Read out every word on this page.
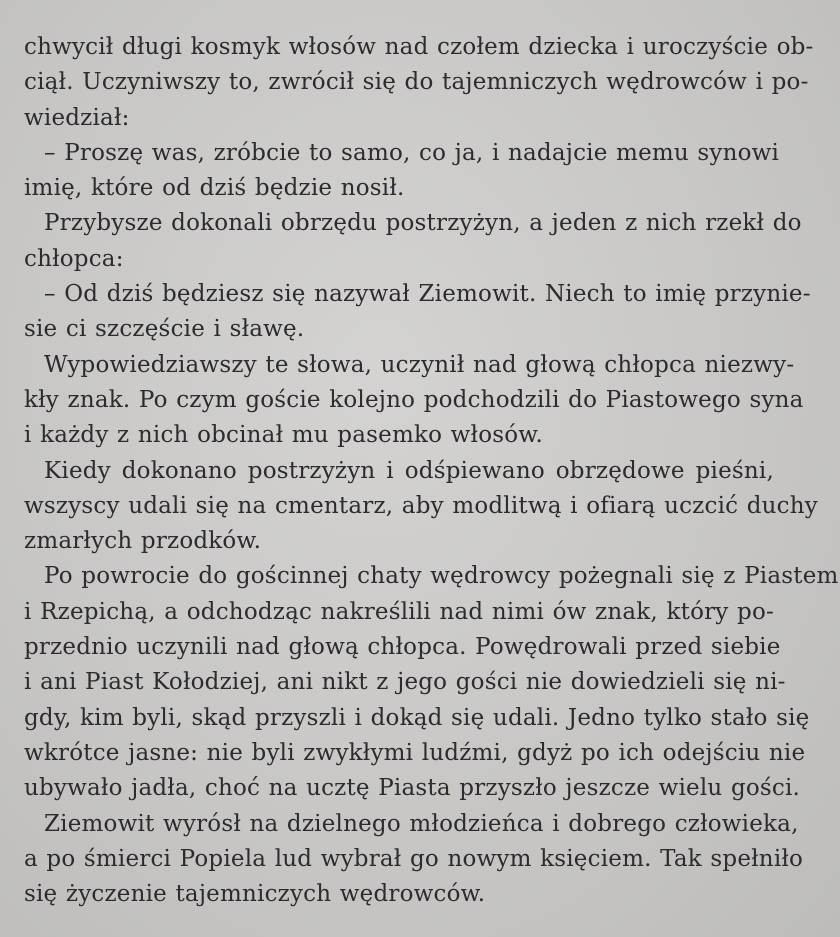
chwycił długi kosmyk włosów nad czołem dziecka i uroczyście ob-
ciął. Uczyniwszy to, zwrócił się do tajemniczych wędrowców i po-
wiedział:
– Proszę was, zróbcie to samo, co ja, i nadajcie memu synowi
imię, które od dziś będzie nosił.
Przybysze dokonali obrzędu postrzyżyn, a jeden z nich rzekł do
chłopca:
– Od dziś będziesz się nazywał Ziemowit. Niech to imię przynie-
sie ci szczęście i sławę.
Wypowiedziawszy te słowa, uczynił nad głową chłopca niezwy-
kły znak. Po czym goście kolejno podchodzili do Piastowego syna
i każdy z nich obcinał mu pasemko włosów.
Kiedy dokonano postrzyżyn i odśpiewano obrzędowe pieśni,
wszyscy udali się na cmentarz, aby modlitwą i ofiarą uczcić duchy
zmarłych przodków.
Po powrocie do gościnnej chaty wędrowcy pożegnali się z Piastem
i Rzepichą, a odchodząc nakreślili nad nimi ów znak, który po-
przednio uczynili nad głową chłopca. Powędrowali przed siebie
i ani Piast Kołodziej, ani nikt z jego gości nie dowiedzieli się ni-
gdy, kim byli, skąd przyszli i dokąd się udali. Jedno tylko stało się
wkrótce jasne: nie byli zwykłymi ludźmi, gdyż po ich odejściu nie
ubywało jadła, choć na ucztę Piasta przyszło jeszcze wielu gości.
Ziemowit wyrósł na dzielnego młodzieńca i dobrego człowieka,
a po śmierci Popiela lud wybrał go nowym księciem. Tak spełniło
się życzenie tajemniczych wędrowców.
